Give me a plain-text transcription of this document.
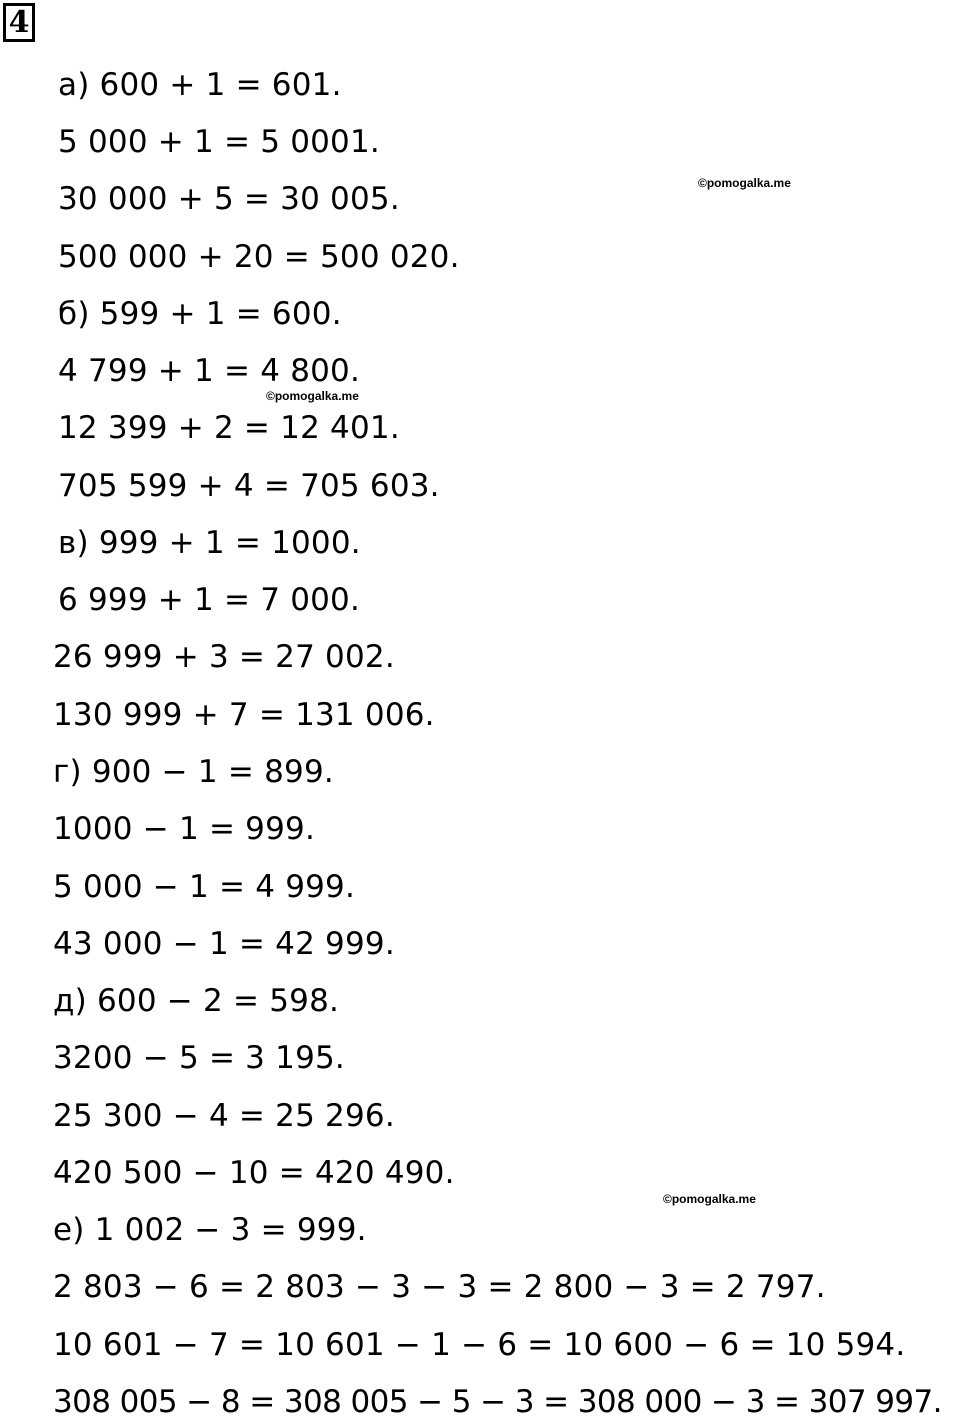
4
а) 600 + 1 = 601.
5 000 + 1 = 5 0001.
30 000 + 5 = 30 005.
500 000 + 20 = 500 020.
б) 599 + 1 = 600.
4 799 + 1 = 4 800.
12 399 + 2 = 12 401.
705 599 + 4 = 705 603.
в) 999 + 1 = 1000.
6 999 + 1 = 7 000.
26 999 + 3 = 27 002.
130 999 + 7 = 131 006.
г) 900 − 1 = 899.
1000 − 1 = 999.
5 000 − 1 = 4 999.
43 000 − 1 = 42 999.
д) 600 − 2 = 598.
3200 − 5 = 3 195.
25 300 − 4 = 25 296.
420 500 − 10 = 420 490.
е) 1 002 − 3 = 999.
2 803 − 6 = 2 803 − 3 − 3 = 2 800 − 3 = 2 797.
10 601 − 7 = 10 601 − 1 − 6 = 10 600 − 6 = 10 594.
308 005 − 8 = 308 005 − 5 − 3 = 308 000 − 3 = 307 997.
©pomogalka.me
©pomogalka.me
©pomogalka.me
